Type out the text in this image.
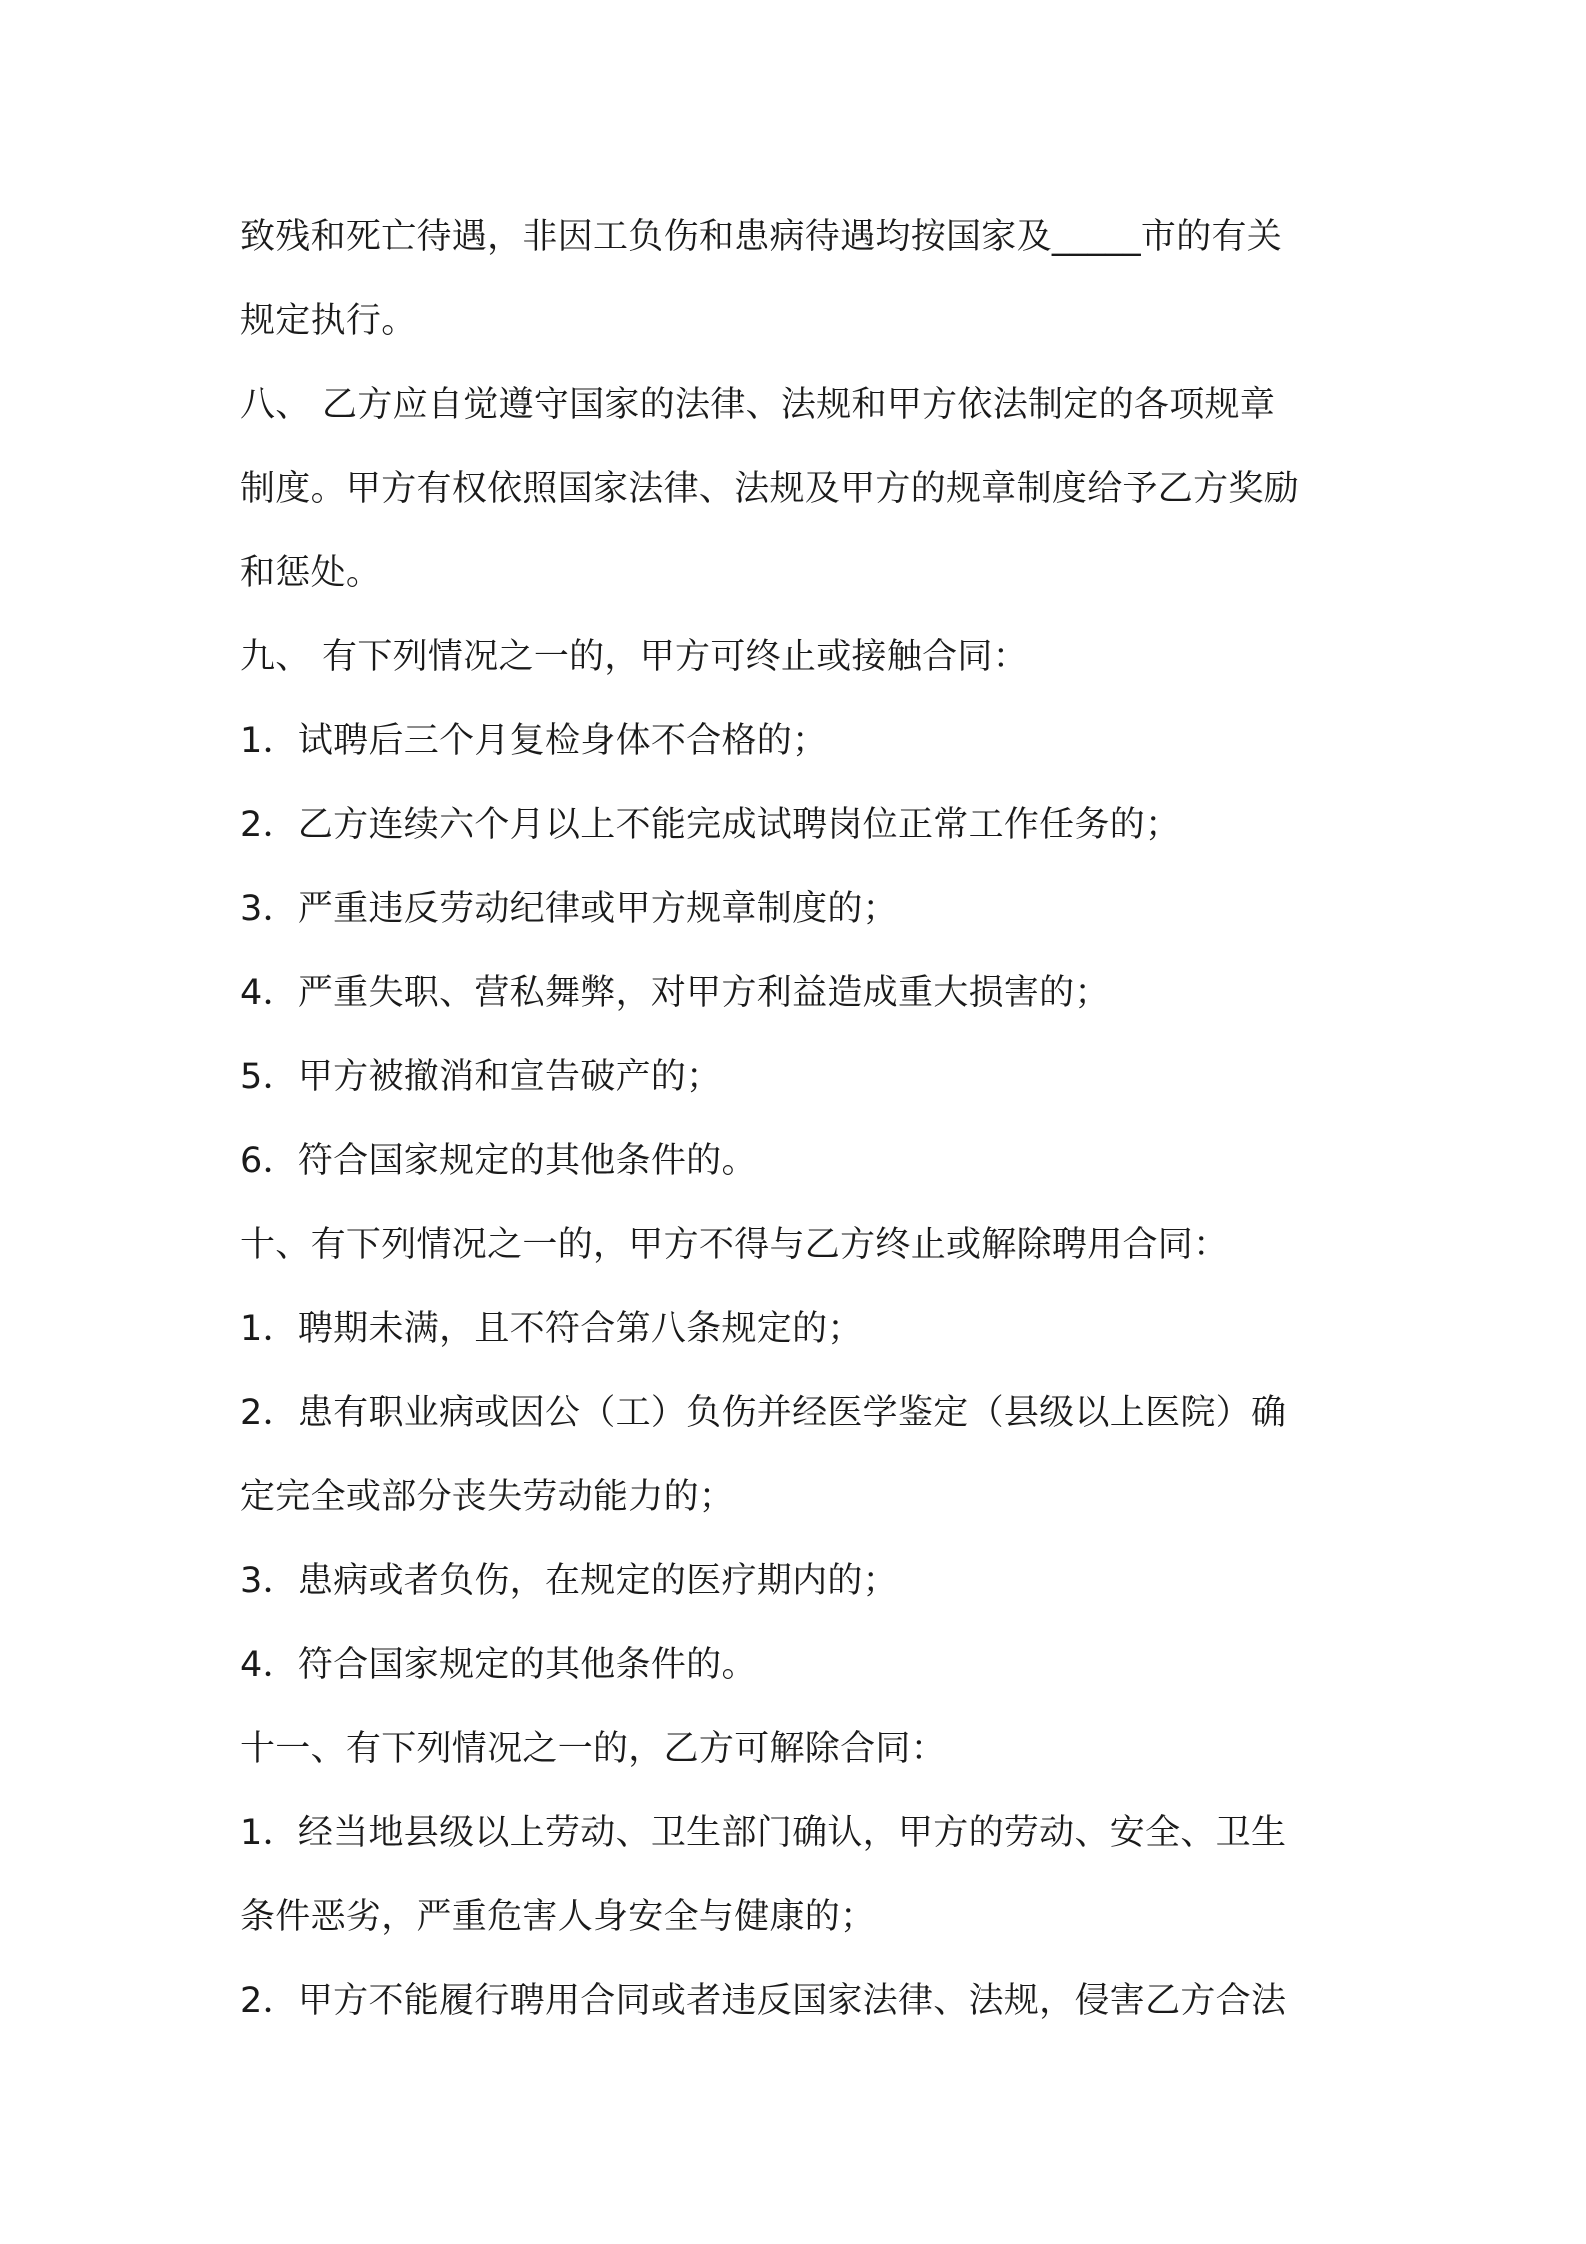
致残和死亡待遇，非因工负伤和患病待遇均按国家及_____市的有关
规定执行。
八、 乙方应自觉遵守国家的法律、法规和甲方依法制定的各项规章
制度。甲方有权依照国家法律、法规及甲方的规章制度给予乙方奖励
和惩处。
九、 有下列情况之一的，甲方可终止或接触合同：
1．试聘后三个月复检身体不合格的；
2．乙方连续六个月以上不能完成试聘岗位正常工作任务的；
3．严重违反劳动纪律或甲方规章制度的；
4．严重失职、营私舞弊，对甲方利益造成重大损害的；
5．甲方被撤消和宣告破产的；
6．符合国家规定的其他条件的。
十、有下列情况之一的，甲方不得与乙方终止或解除聘用合同：
1．聘期未满，且不符合第八条规定的；
2．患有职业病或因公（工）负伤并经医学鉴定（县级以上医院）确
定完全或部分丧失劳动能力的；
3．患病或者负伤，在规定的医疗期内的；
4．符合国家规定的其他条件的。
十一、有下列情况之一的，乙方可解除合同：
1．经当地县级以上劳动、卫生部门确认，甲方的劳动、安全、卫生
条件恶劣，严重危害人身安全与健康的；
2．甲方不能履行聘用合同或者违反国家法律、法规，侵害乙方合法
